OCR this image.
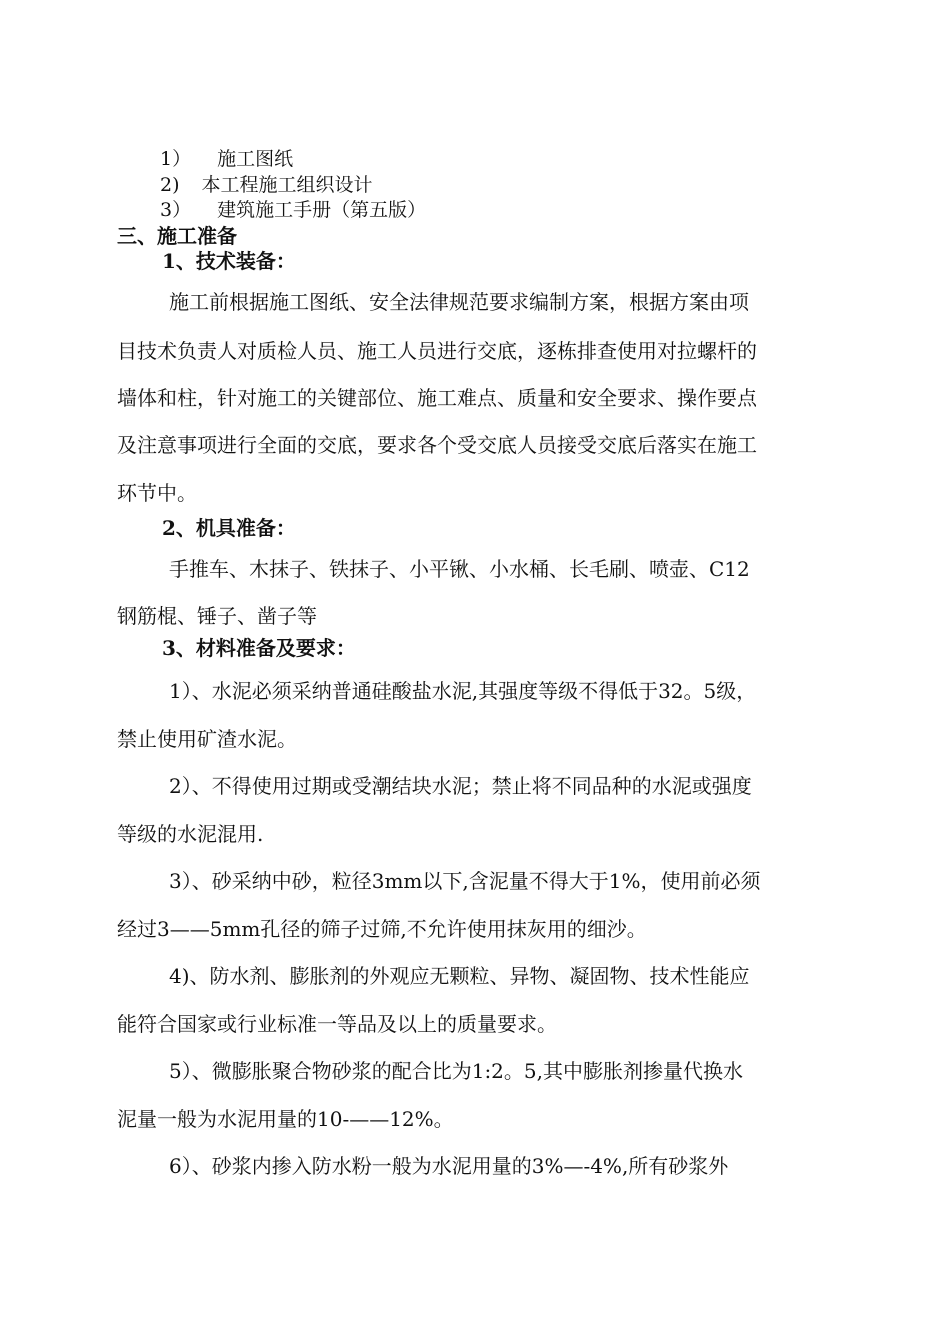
1） 施工图纸
2) 本工程施工组织设计
3） 建筑施工手册（第五版）
三、施工准备
1、技术装备：
施工前根据施工图纸、安全法律规范要求编制方案，根据方案由项
目技术负责人对质检人员、施工人员进行交底，逐栋排查使用对拉螺杆的
墙体和柱，针对施工的关键部位、施工难点、质量和安全要求、操作要点
及注意事项进行全面的交底，要求各个受交底人员接受交底后落实在施工
环节中。
2、机具准备：
手推车、木抹子、铁抹子、小平锹、小水桶、长毛刷、喷壶、C12
钢筋棍、锤子、凿子等
3、材料准备及要求：
1）、水泥必须采纳普通硅酸盐水泥,其强度等级不得低于32。5级，
禁止使用矿渣水泥。
2）、不得使用过期或受潮结块水泥；禁止将不同品种的水泥或强度
等级的水泥混用.
3）、砂采纳中砂，粒径3mm以下,含泥量不得大于1%，使用前必须
经过3——5mm孔径的筛子过筛,不允许使用抹灰用的细沙。
4)、防水剂、膨胀剂的外观应无颗粒、异物、凝固物、技术性能应
能符合国家或行业标准一等品及以上的质量要求。
5）、微膨胀聚合物砂浆的配合比为1:2。5,其中膨胀剂掺量代换水
泥量一般为水泥用量的10-——12%。
6）、砂浆内掺入防水粉一般为水泥用量的3%—-4%,所有砂浆外
